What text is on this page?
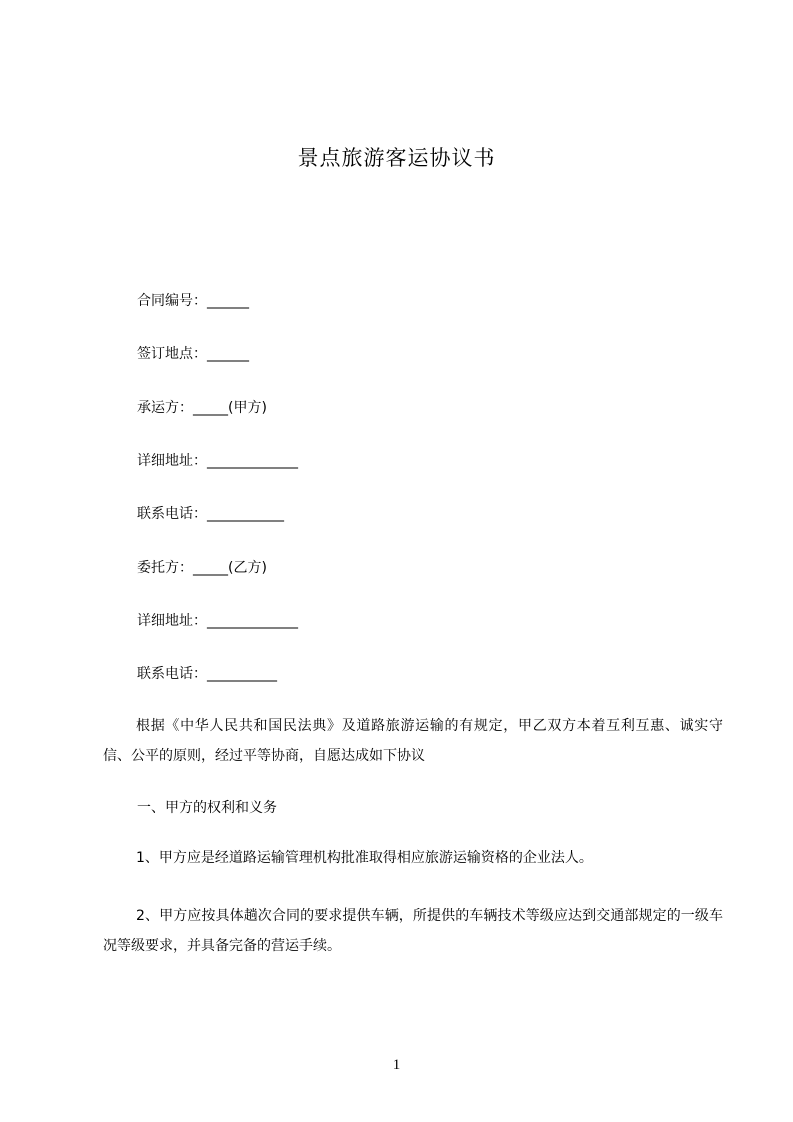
景点旅游客运协议书
合同编号：______
签订地点：______
承运方：_____(甲方)
详细地址：_____________
联系电话：___________
委托方：_____(乙方)
详细地址：_____________
联系电话：__________
根据《中华人民共和国民法典》及道路旅游运输的有规定，甲乙双方本着互利互惠、诚实守信、公平的原则，经过平等协商，自愿达成如下协议
一、甲方的权利和义务
1、甲方应是经道路运输管理机构批准取得相应旅游运输资格的企业法人。
2、甲方应按具体趟次合同的要求提供车辆，所提供的车辆技术等级应达到交通部规定的一级车况等级要求，并具备完备的营运手续。
1
